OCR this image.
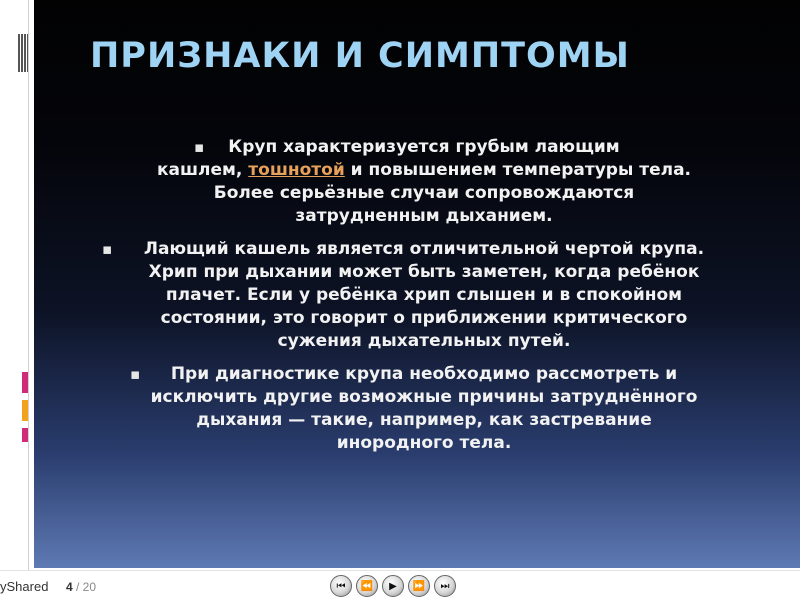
ПРИЗНАКИ И СИМПТОМЫ
▪	Круп характеризуется грубым лающим
кашлем, тошнотой и повышением температуры тела.
Более серьёзные случаи сопровождаются
затрудненным дыханием.
▪	Лающий кашель является отличительной чертой крупа.
Хрип при дыхании может быть заметен, когда ребёнок
плачет. Если у ребёнка хрип слышен и в спокойном
состоянии, это говорит о приближении критического
сужения дыхательных путей.
▪	При диагностике крупа необходимо рассмотреть и
исключить другие возможные причины затруднённого
дыхания — такие, например, как застревание
инородного тела.
yShared 4 / 20	⏮	⏪	▶	⏩	⏭
